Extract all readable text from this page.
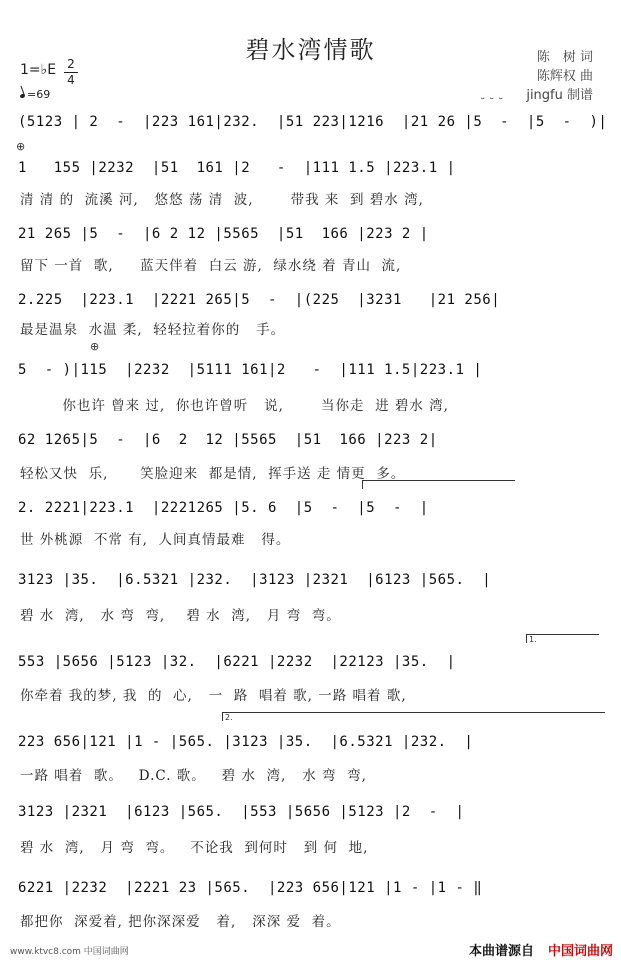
碧水湾情歌	陈　树 词
陈辉权 曲
jingfu 制谱
1=♭E 2
4
=69
⊕
⊕
˘ ˘ ˘
1.
2.
(5123 | 2  -  |223 161|232.  |51 223|1216  |21 26 |5  -  |5  -  )|
1   155 |2232  |51  161 |2   -  |111 1.5 |223.1 |
清 清 的  流溪 河,   悠悠 荡 清  波,       带我 来  到 碧水 湾,
21 265 |5  -  |6 2 12 |5565  |51  166 |223 2 |
留下 一首  歌,     蓝天伴着  白云 游,  绿水绕 着 青山  流,
2.225  |223.1  |2221 265|5  -  |(225  |3231   |21 256|
最是温泉  水温 柔,  轻轻拉着你的   手。
5  - )|115  |2232  |5111 161|2   -  |111 1.5|223.1 |
你也许 曾来 过,  你也许曾听   说,       当你走  进 碧水 湾,
62 1265|5  -  |6  2  12 |5565  |51  166 |223 2|
轻松又快  乐,      笑脸迎来  都是情,  挥手送 走 情更  多。
2. 2221|223.1  |2221265 |5. 6  |5  -  |5  -  |
世 外桃源  不常 有,  人间真情最难   得。
3123 |35.  |6.5321 |232.  |3123 |2321  |6123 |565.  |
碧 水  湾,   水 弯  弯,    碧 水  湾,   月 弯  弯。
553 |5656 |5123 |32.  |6221 |2232  |22123 |35.  |
你牵着 我的梦, 我  的  心,   一  路  唱着 歌, 一路 唱着 歌,
223 656|121 |1 - |565. |3123 |35.  |6.5321 |232.  |
一路 唱着  歌。   D.C. 歌。   碧 水  湾,   水 弯  弯,
3123 |2321  |6123 |565.  |553 |5656 |5123 |2  -  |
碧 水  湾,   月 弯  弯。   不论我  到何时   到 何  地,
6221 |2232  |2221 23 |565.  |223 656|121 |1 - |1 - ‖
都把你  深爱着, 把你深深爱   着,   深深 爱  着。
www.ktvc8.com 中国词曲网	本曲谱源自 中国词曲网
